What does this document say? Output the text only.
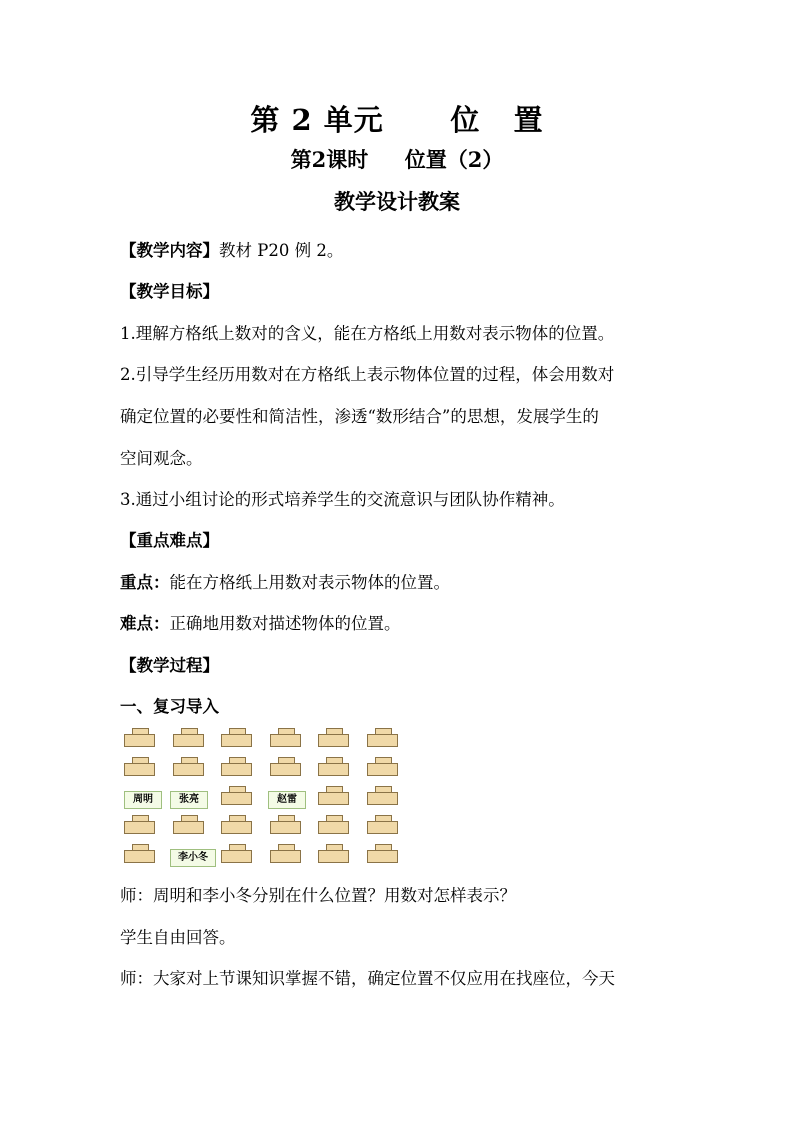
第 2 单元      位   置
第2课时     位置（2）
教学设计教案
【教学内容】教材 P20 例 2。
【教学目标】
1.理解方格纸上数对的含义，能在方格纸上用数对表示物体的位置。
2.引导学生经历用数对在方格纸上表示物体位置的过程，体会用数对
确定位置的必要性和简洁性，渗透“数形结合”的思想，发展学生的
空间观念。
3.通过小组讨论的形式培养学生的交流意识与团队协作精神。
【重点难点】
重点：能在方格纸上用数对表示物体的位置。
难点：正确地用数对描述物体的位置。
【教学过程】
一、复习导入
周明	张亮	赵雷
李小冬
师：周明和李小冬分别在什么位置？用数对怎样表示？
学生自由回答。
师：大家对上节课知识掌握不错，确定位置不仅应用在找座位，今天
